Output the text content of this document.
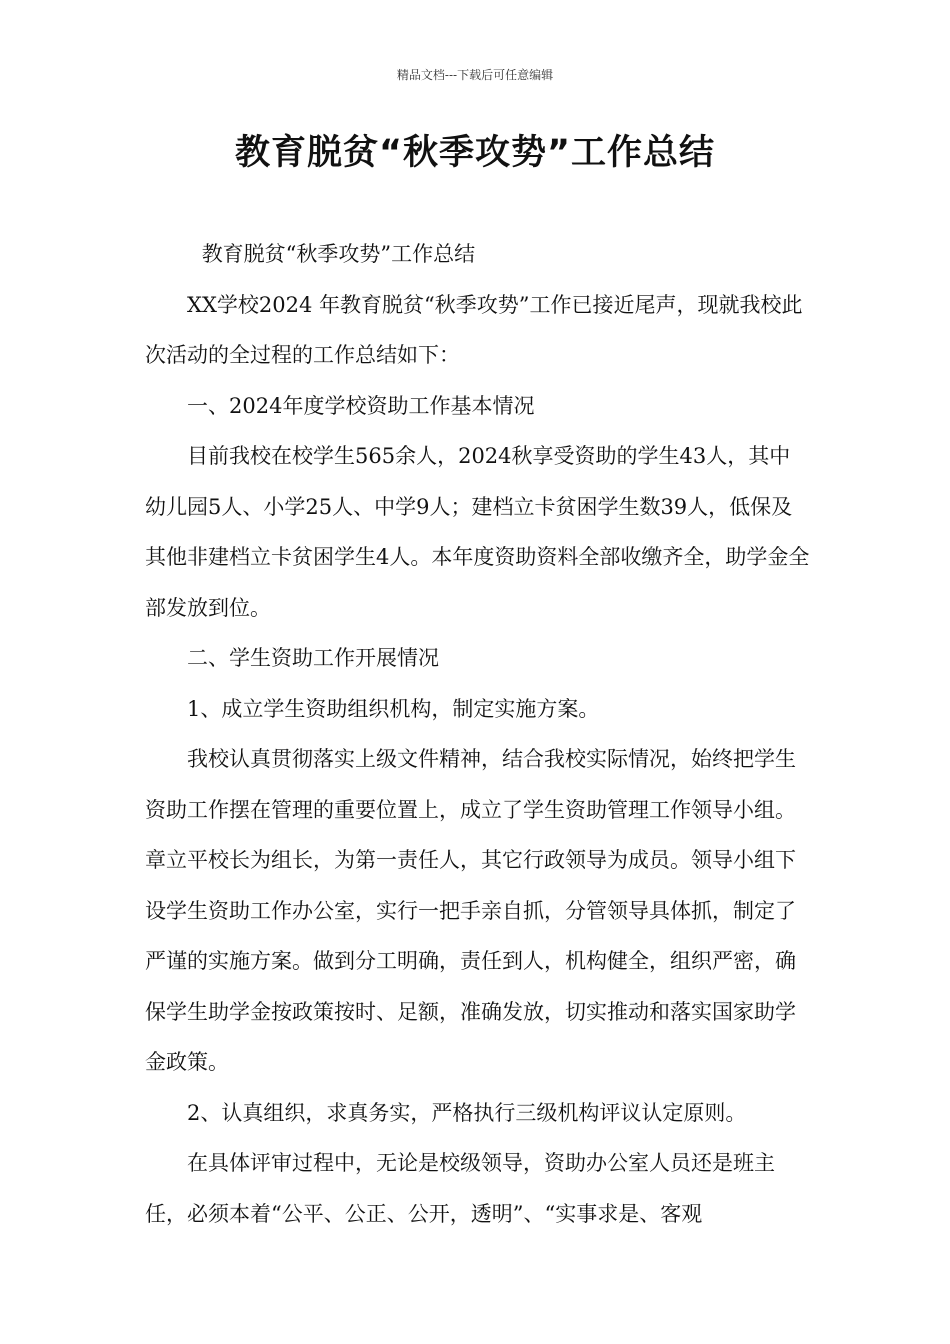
精品文档---下载后可任意编辑
教育脱贫“秋季攻势”工作总结

教育脱贫“秋季攻势”工作总结

XX学校2024 年教育脱贫“秋季攻势”工作已接近尾声，现就我校此次活动的全过程的工作总结如下：

一、2024年度学校资助工作基本情况

目前我校在校学生565余人，2024秋享受资助的学生43人，其中幼儿园5人、小学25人、中学9人；建档立卡贫困学生数39人，低保及其他非建档立卡贫困学生4人。本年度资助资料全部收缴齐全，助学金全部发放到位。

二、学生资助工作开展情况

1、成立学生资助组织机构，制定实施方案。

我校认真贯彻落实上级文件精神，结合我校实际情况，始终把学生资助工作摆在管理的重要位置上，成立了学生资助管理工作领导小组。章立平校长为组长，为第一责任人，其它行政领导为成员。领导小组下设学生资助工作办公室，实行一把手亲自抓，分管领导具体抓，制定了严谨的实施方案。做到分工明确，责任到人，机构健全，组织严密，确保学生助学金按政策按时、足额，准确发放，切实推动和落实国家助学金政策。

2、认真组织，求真务实，严格执行三级机构评议认定原则。

在具体评审过程中，无论是校级领导，资助办公室人员还是班主任，必须本着“公平、公正、公开，透明”、“实事求是、客观
